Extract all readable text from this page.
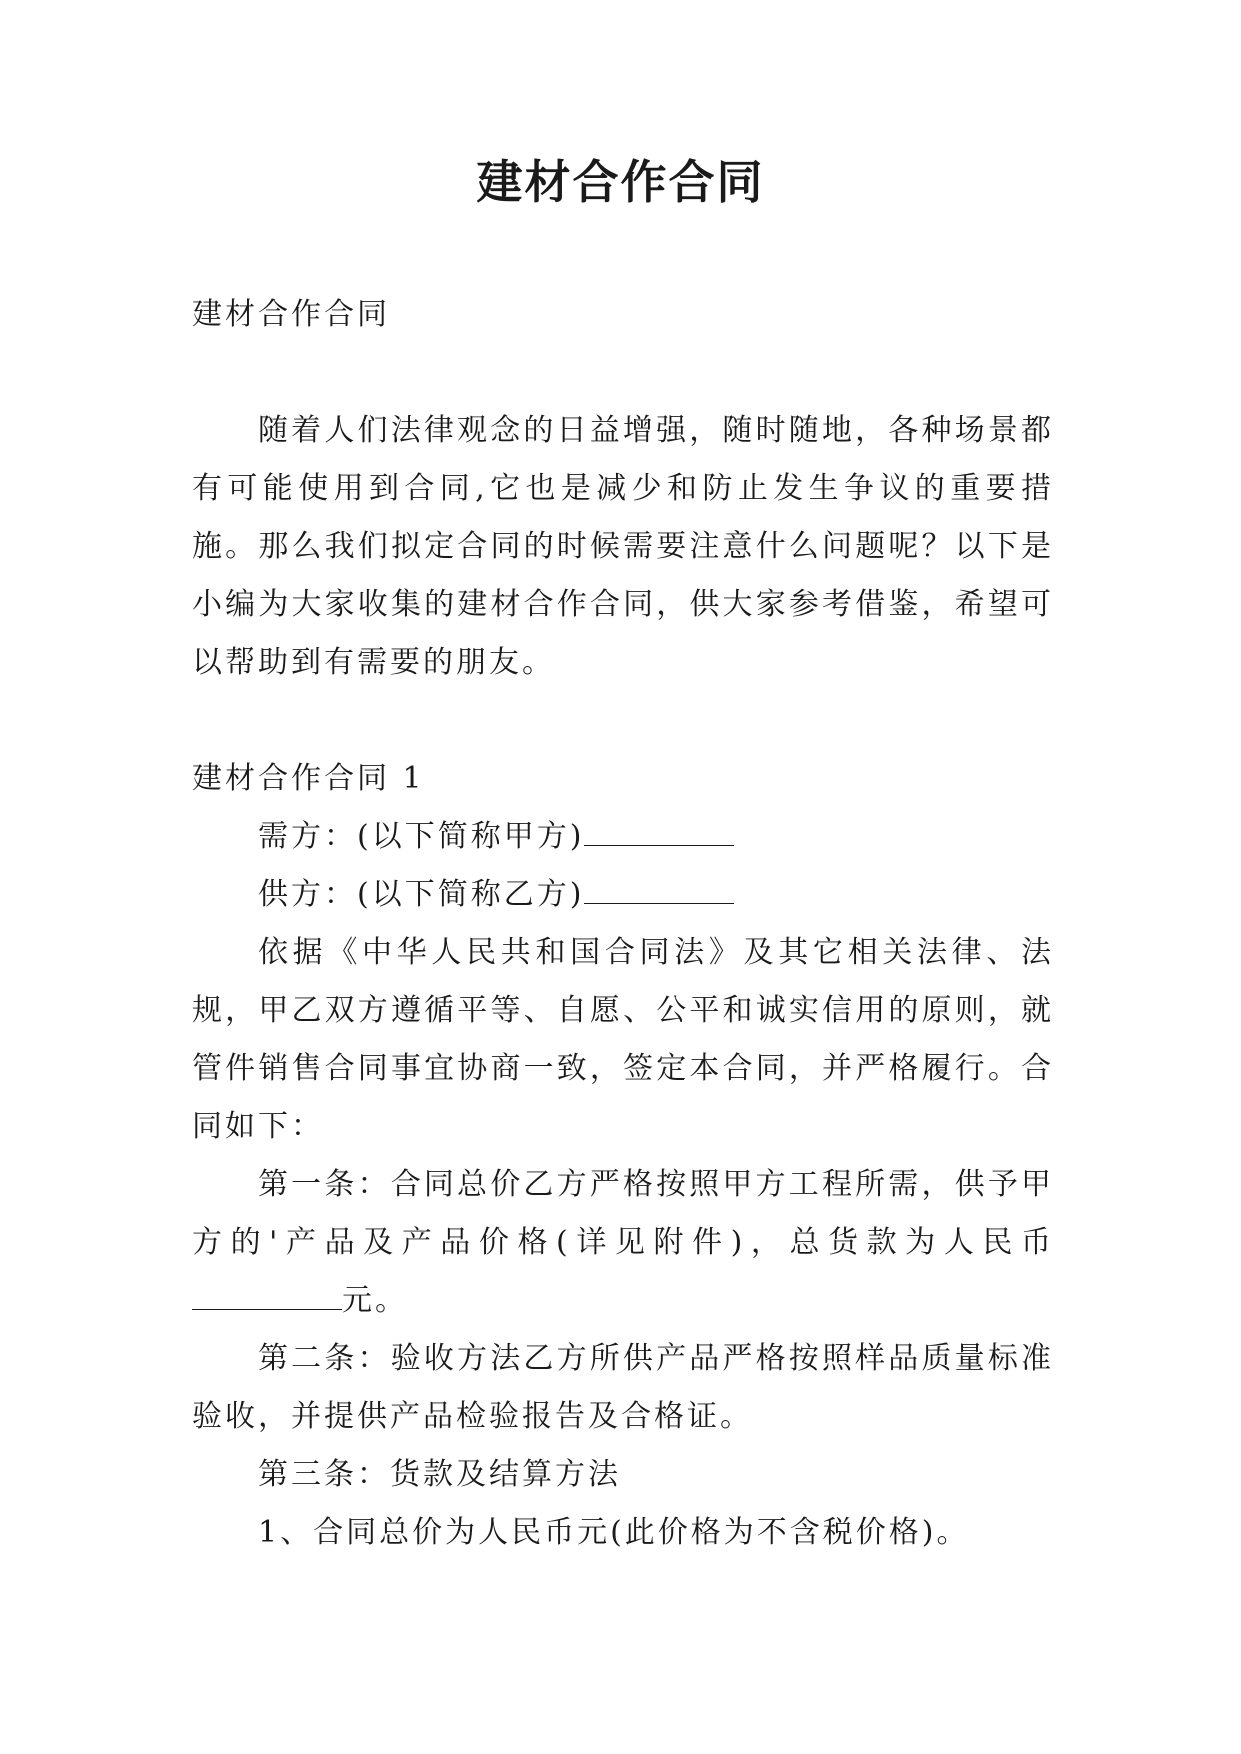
建材合作合同

建材合作合同

随着人们法律观念的日益增强，随时随地，各种场景都有可能使用到合同,它也是减少和防止发生争议的重要措施。那么我们拟定合同的时候需要注意什么问题呢？以下是小编为大家收集的建材合作合同，供大家参考借鉴，希望可以帮助到有需要的朋友。

建材合作合同 1

需方：(以下简称甲方)

供方：(以下简称乙方)

依据《中华人民共和国合同法》及其它相关法律、法规，甲乙双方遵循平等、自愿、公平和诚实信用的原则，就管件销售合同事宜协商一致，签定本合同，并严格履行。合同如下：

第一条：合同总价乙方严格按照甲方工程所需，供予甲方的'产品及产品价格(详见附件)，总货款为人民币元。

第二条：验收方法乙方所供产品严格按照样品质量标准验收，并提供产品检验报告及合格证。

第三条：货款及结算方法

1、合同总价为人民币元(此价格为不含税价格)。
